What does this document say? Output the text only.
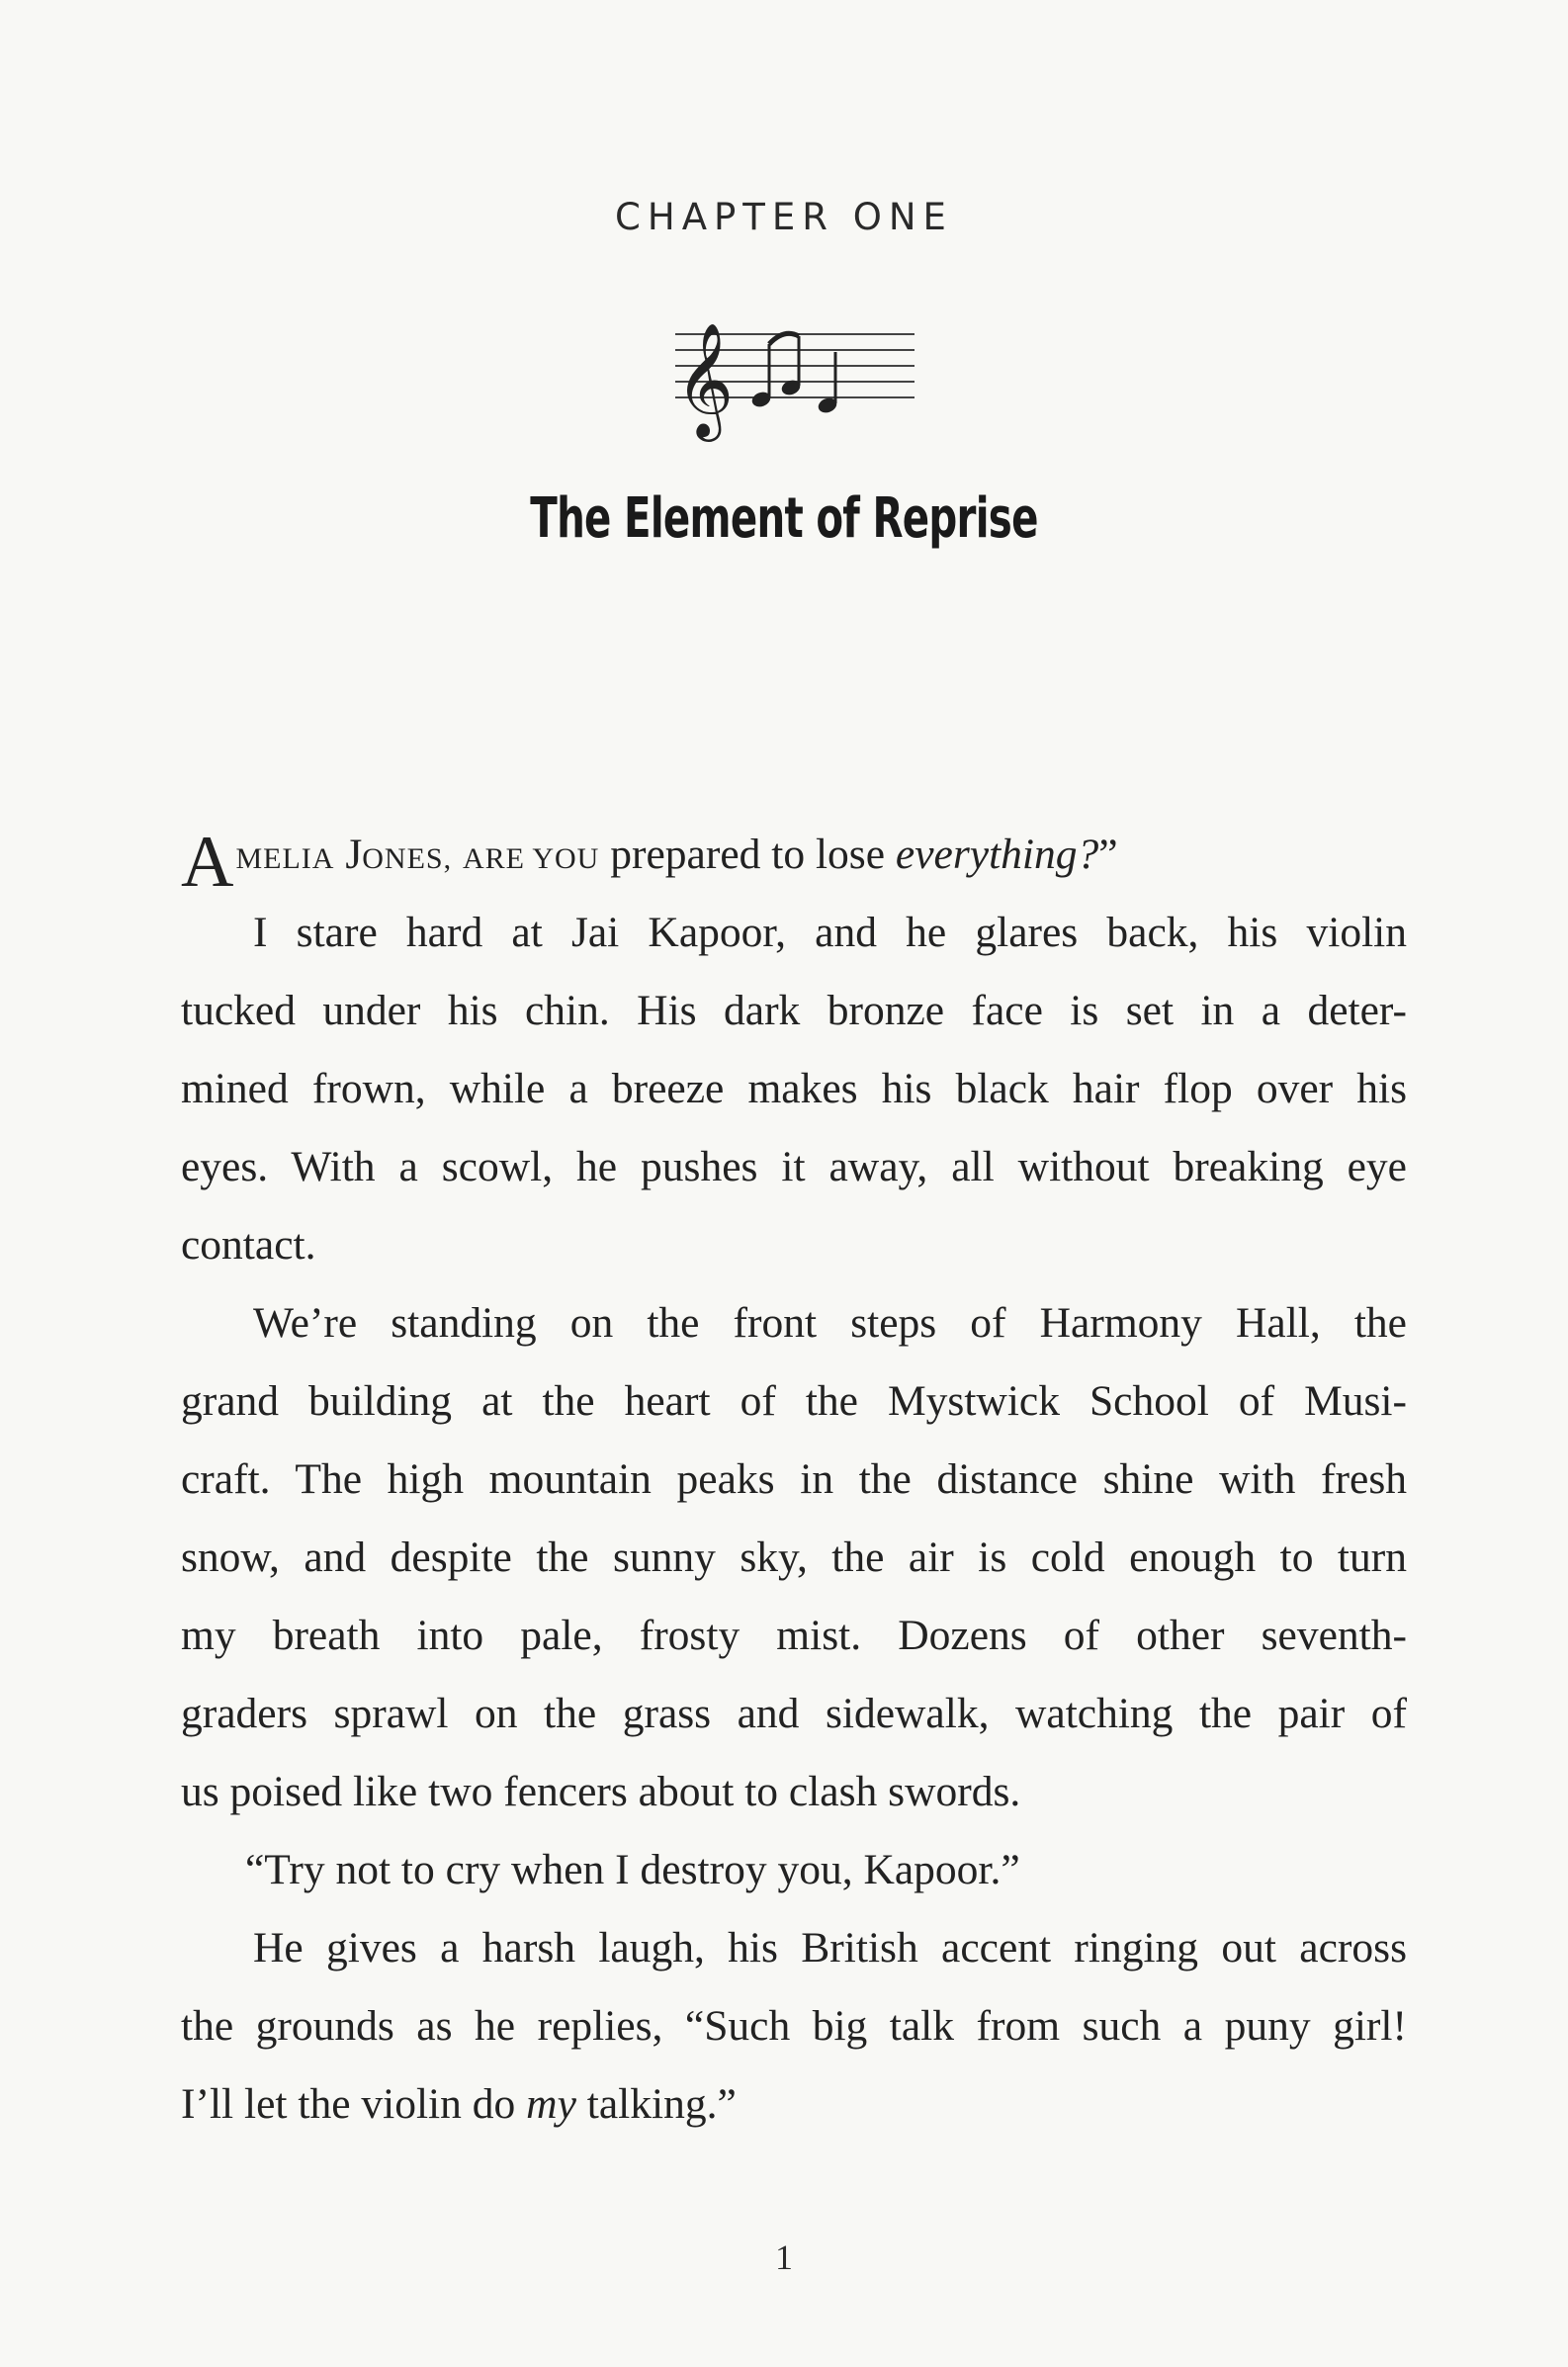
CHAPTER ONE
𝄞
The Element of Reprise
AMELIA JONES, ARE YOU prepared to lose everything?”
I stare hard at Jai Kapoor, and he glares back, his violin
tucked under his chin. His dark bronze face is set in a deter-
mined frown, while a breeze makes his black hair flop over his
eyes. With a scowl, he pushes it away, all without breaking eye
contact.
We’re standing on the front steps of Harmony Hall, the
grand building at the heart of the Mystwick School of Musi-
craft. The high mountain peaks in the distance shine with fresh
snow, and despite the sunny sky, the air is cold enough to turn
my breath into pale, frosty mist. Dozens of other seventh-
graders sprawl on the grass and sidewalk, watching the pair of
us poised like two fencers about to clash swords.
“Try not to cry when I destroy you, Kapoor.”
He gives a harsh laugh, his British accent ringing out across
the grounds as he replies, “Such big talk from such a puny girl!
I’ll let the violin do my talking.”
1
